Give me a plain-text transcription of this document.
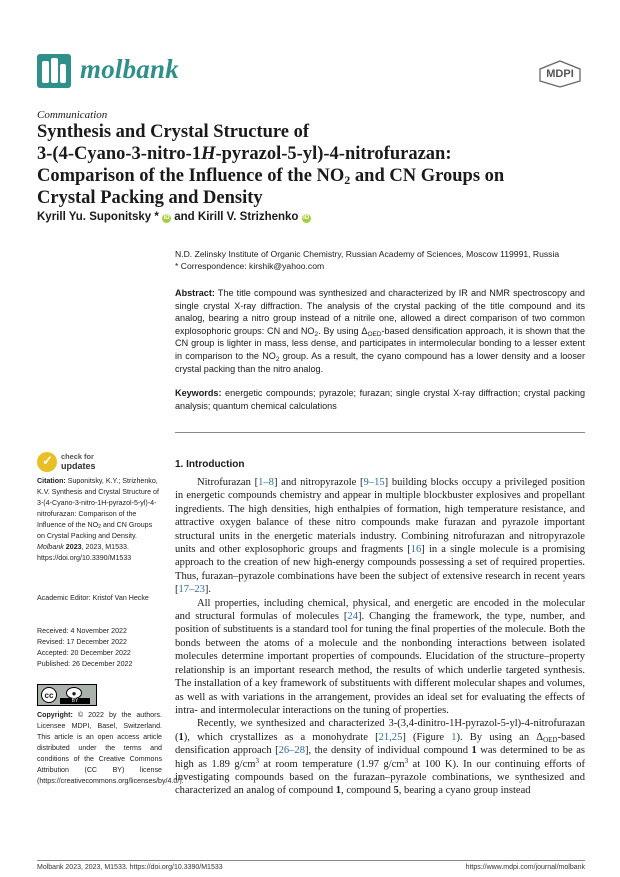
molbank	MDPI
Communication
Synthesis and Crystal Structure of
3-(4-Cyano-3-nitro-1H-pyrazol-5-yl)-4-nitrofurazan:
Comparison of the Influence of the $NO_2$ and CN Groups on
Crystal Packing and Density
Kyrill Yu. Suponitsky * iD and Kirill V. Strizhenko iD
N.D. Zelinsky Institute of Organic Chemistry, Russian Academy of Sciences, Moscow 119991, Russia
* Correspondence: kirshik@yahoo.com

Abstract: The title compound was synthesized and characterized by IR and NMR spectroscopy and single crystal X-ray diffraction. The analysis of the crystal packing of the title compound and its analog, bearing a nitro group instead of a nitrile one, allowed a direct comparison of two common explosophoric groups: CN and $NO_2$. By using $\Delta_{OED}$-based densification approach, it is shown that the CN group is lighter in mass, less dense, and participates in intermolecular bonding to a lesser extent in comparison to the $NO_2$ group. As a result, the cyano compound has a lower density and a looser crystal packing than the nitro analog.

Keywords: energetic compounds; pyrazole; furazan; single crystal X-ray diffraction; crystal packing analysis; quantum chemical calculations

✓
check for
updates

Citation: Suponitsky, K.Y.; Strizhenko, K.V. Synthesis and Crystal Structure of 3-(4-Cyano-3-nitro-1H-pyrazol-5-yl)-4-nitrofurazan: Comparison of the Influence of the $NO_2$ and CN Groups on Crystal Packing and Density. Molbank 2023, 2023, M1533. https://doi.org/10.3390/M1533

Academic Editor: Kristof Van Hecke

Received: 4 November 2022

Revised: 17 December 2022

Accepted: 20 December 2022

Published: 26 December 2022

cc	●
BY

Copyright: © 2022 by the authors. Licensee MDPI, Basel, Switzerland. This article is an open access article distributed under the terms and conditions of the Creative Commons Attribution (CC BY) license (https://creativecommons.org/licenses/by/4.0/).

1. Introduction

Nitrofurazan [1–8] and nitropyrazole [9–15] building blocks occupy a privileged position in energetic compounds chemistry and appear in multiple blockbuster explosives and propellant ingredients. The high densities, high enthalpies of formation, high temperature resistance, and attractive oxygen balance of these nitro compounds make furazan and pyrazole important structural units in the energetic materials industry. Combining nitrofurazan and nitropyrazole units and other explosophoric groups and fragments [16] in a single molecule is a promising approach to the creation of new high-energy compounds possessing a set of required properties. Thus, furazan–pyrazole combinations have been the subject of extensive research in recent years [17–23].

All properties, including chemical, physical, and energetic are encoded in the molecular and structural formulas of molecules [24]. Changing the framework, the type, number, and position of substituents is a standard tool for tuning the final properties of the molecule. Both the bonds between the atoms of a molecule and the nonbonding interactions between isolated molecules determine important properties of compounds. Elucidation of the structure–property relationship is an important research method, the results of which underlie targeted synthesis. The installation of a key framework of substituents with different molecular shapes and volumes, as well as with variations in the arrangement, provides an ideal set for evaluating the effects of intra- and intermolecular interactions on the tuning of properties.

Recently, we synthesized and characterized 3-(3,4-dinitro-1H-pyrazol-5-yl)-4-nitrofurazan (1), which crystallizes as a monohydrate [21,25] (Figure 1). By using an $\Delta_{OED}$-based densification approach [26–28], the density of individual compound 1 was determined to be as high as 1.89 $g/cm^3$ at room temperature (1.97 $g/cm^3$ at 100 K). In our continuing efforts of investigating compounds based on the furazan–pyrazole combinations, we synthesized and characterized an analog of compound 1, compound 5, bearing a cyano group instead

Molbank 2023, 2023, M1533. https://doi.org/10.3390/M1533	https://www.mdpi.com/journal/molbank
